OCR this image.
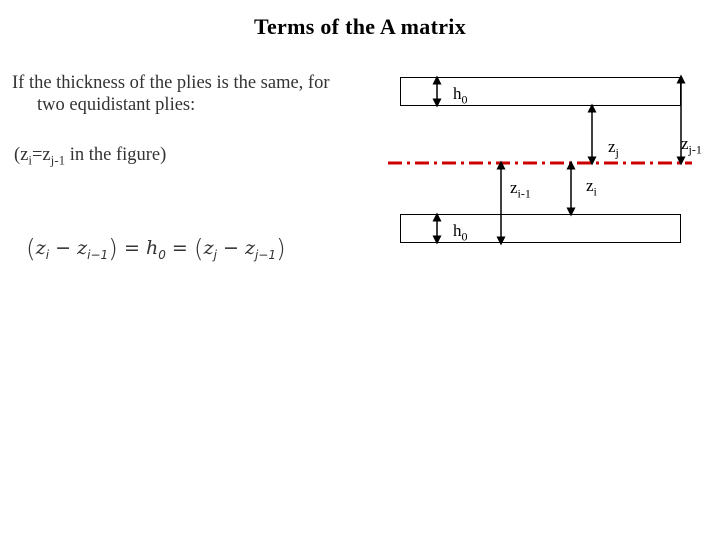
Terms of the A matrix
If the thickness of the plies is the same, for
two equidistant plies:
($z_i=z_{j-1}$ in the figure)
$(z_i - z_{i-1}) = h_0 = (z_j - z_{j-1})$
$h_0$
$h_0$
$z_j$	$z_{j-1}$
$z_{i-1}$	$z_i$
